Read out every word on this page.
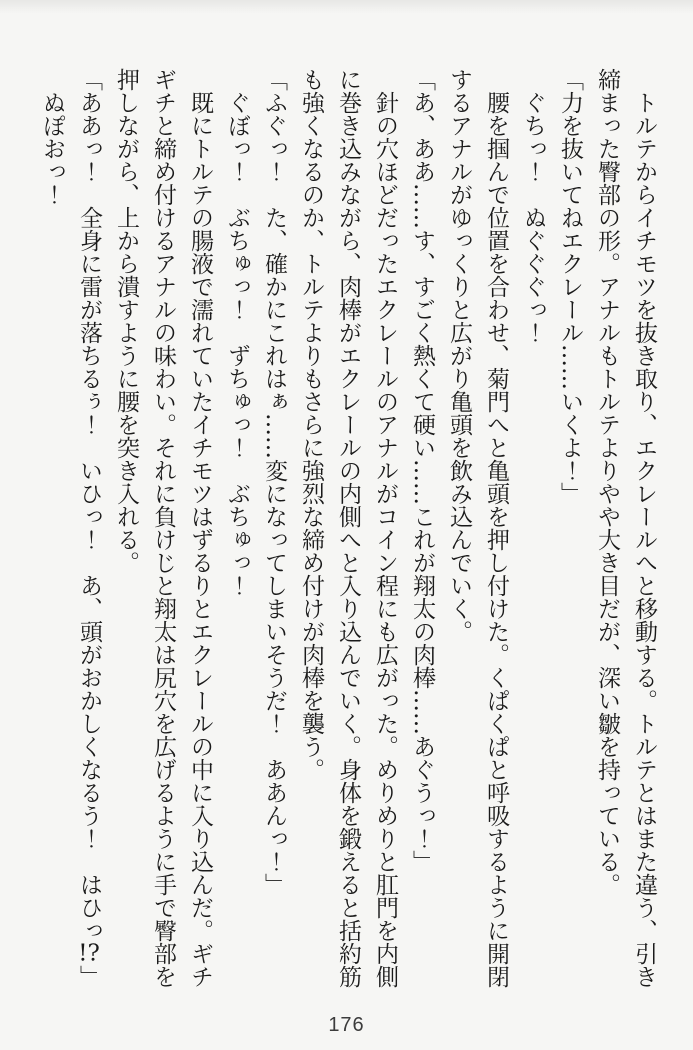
トルテからイチモツを抜き取り、エクレールへと移動する。トルテとはまた違う、引き締まった臀部の形。アナルもトルテよりやや大き目だが、深い皺を持っている。

「力を抜いてねエクレール……いくよ！」

ぐちっ！　ぬぐぐぐっ！

腰を掴んで位置を合わせ、菊門へと亀頭を押し付けた。くぱくぱと呼吸するように開閉するアナルがゆっくりと広がり亀頭を飲み込んでいく。

「あ、ああ……す、すごく熱くて硬い……これが翔太の肉棒……あぐうっ！」

針の穴ほどだったエクレールのアナルがコイン程にも広がった。めりめりと肛門を内側に巻き込みながら、肉棒がエクレールの内側へと入り込んでいく。身体を鍛えると括約筋も強くなるのか、トルテよりもさらに強烈な締め付けが肉棒を襲う。

「ふぐっ！　た、確かにこれはぁ……変になってしまいそうだ！　ああんっ！」

ぐぼっ！　ぶちゅっ！　ずちゅっ！　ぶちゅっ！

既にトルテの腸液で濡れていたイチモツはずるりとエクレールの中に入り込んだ。ギチギチと締め付けるアナルの味わい。それに負けじと翔太は尻穴を広げるように手で臀部を押しながら、上から潰すように腰を突き入れる。

「ああっ！　全身に雷が落ちるぅ！　いひっ！　あ、頭がおかしくなるう！　はひっ!?」

ぬぽおっ！

176
